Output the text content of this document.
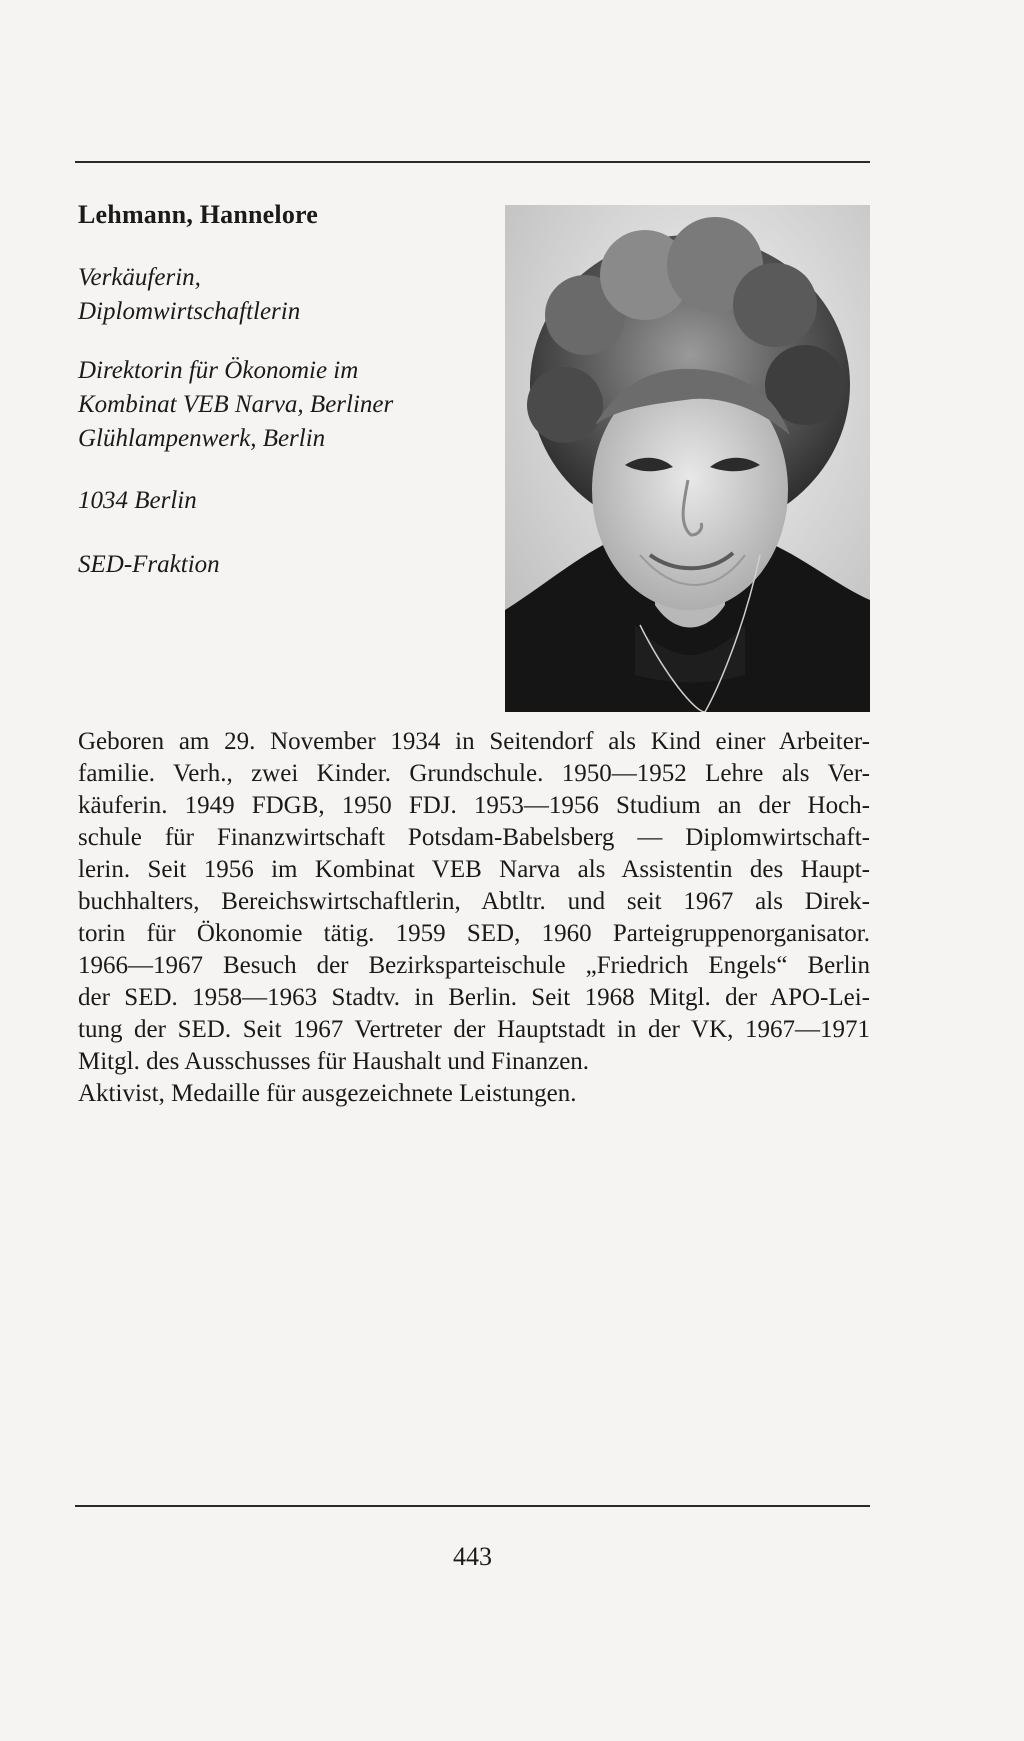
Lehmann, Hannelore
Verkäuferin,
Diplomwirtschaftlerin
Direktorin für Ökonomie im
Kombinat VEB Narva, Berliner
Glühlampenwerk, Berlin
1034 Berlin
SED-Fraktion

Geboren am 29. November 1934 in Seitendorf als Kind einer Arbeiter-
familie. Verh., zwei Kinder. Grundschule. 1950—1952 Lehre als Ver-
käuferin. 1949 FDGB, 1950 FDJ. 1953—1956 Studium an der Hoch-
schule für Finanzwirtschaft Potsdam-Babelsberg — Diplomwirtschaft-
lerin. Seit 1956 im Kombinat VEB Narva als Assistentin des Haupt-
buchhalters, Bereichswirtschaftlerin, Abtltr. und seit 1967 als Direk-
torin für Ökonomie tätig. 1959 SED, 1960 Parteigruppenorganisator.
1966—1967 Besuch der Bezirksparteischule „Friedrich Engels“ Berlin
der SED. 1958—1963 Stadtv. in Berlin. Seit 1968 Mitgl. der APO-Lei-
tung der SED. Seit 1967 Vertreter der Hauptstadt in der VK, 1967—1971
Mitgl. des Ausschusses für Haushalt und Finanzen.
Aktivist, Medaille für ausgezeichnete Leistungen.

443
